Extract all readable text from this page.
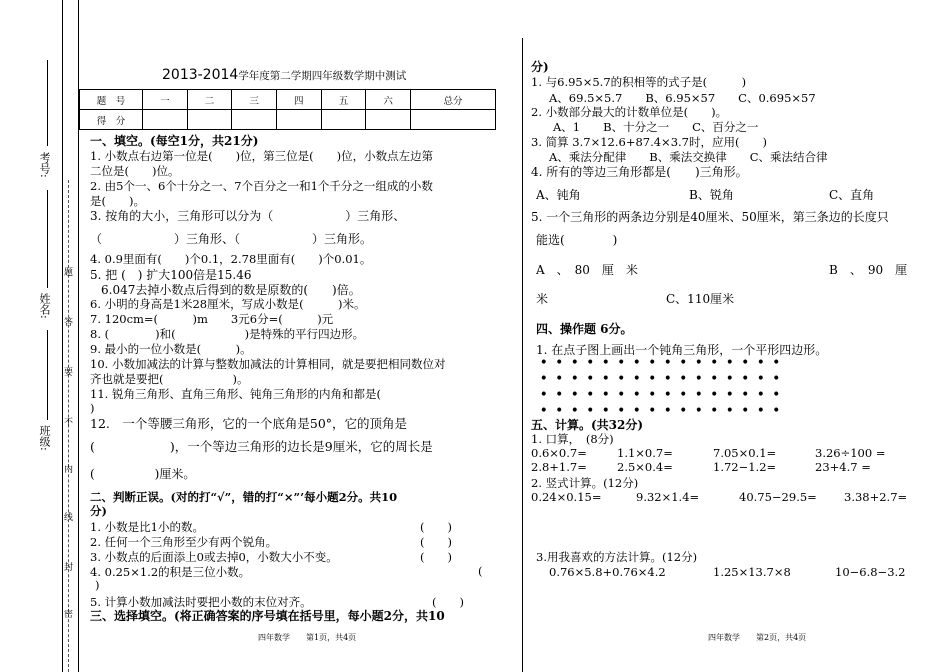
考号:
姓名:
班级:
题
答
要
不
内
线
封
密
2013-2014学年度第二学期四年级数学期中测试
题　号	一	二	三	四	五	六	总分
得　分							
一、填空。(每空1分，共21分)
1. 小数点右边第一位是(　　)位，第三位是(　　)位，小数点左边第
二位是(　　)位。
2. 由5个一、6个十分之一、7个百分之一和1个千分之一组成的小数
是(　　)。
3. 按角的大小，三角形可以分为（　　　　　　）三角形、
（　　　　　　）三角形、（　　　　　　）三角形。
4. 0.9里面有(　　)个0.1，2.78里面有(　　)个0.01。
5. 把 (　) 扩大100倍是15.46
6.047去掉小数点后得到的数是原数的(　　)倍。
6. 小明的身高是1米28厘米，写成小数是(　　　)米。
7. 120cm=(　　　)m　　3元6分=(　　　)元
8. (　　　　)和(　　　　　　)是特殊的平行四边形。
9. 最小的一位小数是(　　　)。
10. 小数加减法的计算与整数加减法的计算相同，就是要把相同数位对
齐也就是要把(　　　　　　)。
11. 锐角三角形、直角三角形、钝角三角形的内角和都是(
)
12.　一个等腰三角形，它的一个底角是50°，它的顶角是
(　　　　　　)，一个等边三角形的边长是9厘米，它的周长是
(　　　　　)厘米。
二、判断正误。(对的打“√”，错的打“×”’每小题2分。共10
分)
1. 小数是比1小的数。	(　　)
2. 任何一个三角形至少有两个锐角。	(　　)
3. 小数点的后面添上0或去掉0，小数大小不变。	(　　)
4. 0.25×1.2的积是三位小数。	(
)
5. 计算小数加减法时要把小数的末位对齐。	(　　)
三、选择填空。(将正确答案的序号填在括号里，每小题2分，共10
四年数学　　第1页，共4页
分)
1. 与6.95×5.7的积相等的式子是(　　　)
A、69.5×5.7　　B、6.95×57　　C、0.695×57
2. 小数部分最大的计数单位是(　　)。
A、1　　B、十分之一　　C、百分之一
3. 简算 3.7×12.6+87.4×3.7时，应用(　　)
A、乘法分配律　　B、乘法交换律　　C、乘法结合律
4. 所有的等边三角形都是(　　)三角形。
A、钝角	B、锐角	C、直角
5. 一个三角形的两条边分别是40厘米、50厘米，第三条边的长度只
能选(　　　　)
A　、　80　厘　米	B　、　90　厘
米	C、110厘米
四、操作题 6分。
1. 在点子图上画出一个钝角三角形，一个平形四边形。
• • • • • • • • • • • • • • • •
• • • • • • • • • • • • • • • •
• • • • • • • • • • • • • • • •
• • • • • • • • • • • • • • • •
五、计算。(共32分)
1. 口算，　(8分)
0.6×0.7=	1.1×0.7=	7.05×0.1=	3.26÷100 =
2.8+1.7=	2.5×0.4=	1.72−1.2=	23+4.7 =
2. 竖式计算。(12分)
0.24×0.15=	9.32×1.4=	40.75−29.5= 3.38+2.7=
3.用我喜欢的方法计算。(12分)
0.76×5.8+0.76×4.2	1.25×13.7×8	10−6.8−3.2
四年数学　　第2页，共4页
